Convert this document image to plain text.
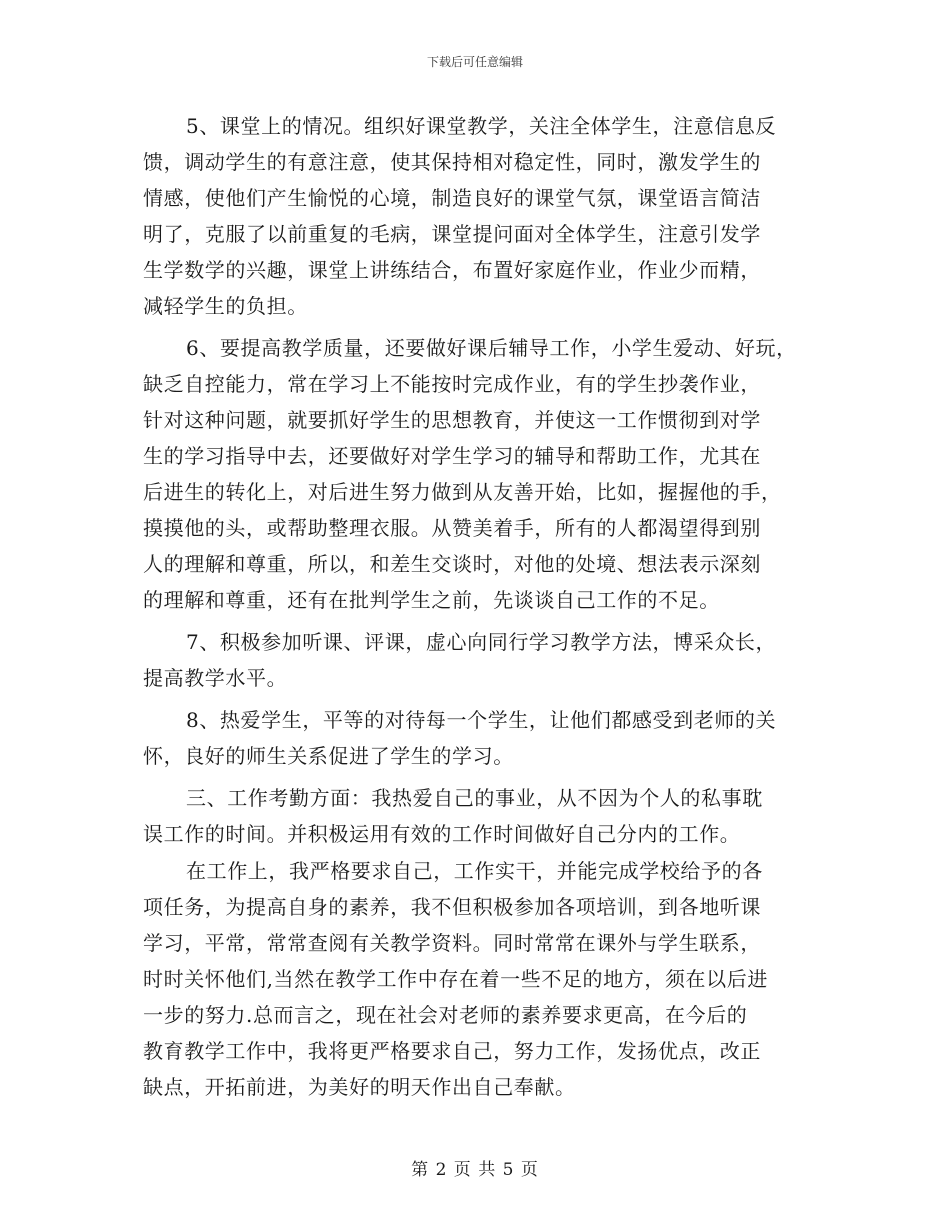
下载后可任意编辑
5、课堂上的情况。组织好课堂教学，关注全体学生，注意信息反
馈，调动学生的有意注意，使其保持相对稳定性，同时，激发学生的
情感，使他们产生愉悦的心境，制造良好的课堂气氛，课堂语言简洁
明了，克服了以前重复的毛病，课堂提问面对全体学生，注意引发学
生学数学的兴趣，课堂上讲练结合，布置好家庭作业，作业少而精，
减轻学生的负担。
6、要提高教学质量，还要做好课后辅导工作，小学生爱动、好玩，
缺乏自控能力，常在学习上不能按时完成作业，有的学生抄袭作业，
针对这种问题，就要抓好学生的思想教育，并使这一工作惯彻到对学
生的学习指导中去，还要做好对学生学习的辅导和帮助工作，尤其在
后进生的转化上，对后进生努力做到从友善开始，比如，握握他的手，
摸摸他的头，或帮助整理衣服。从赞美着手，所有的人都渴望得到别
人的理解和尊重，所以，和差生交谈时，对他的处境、想法表示深刻
的理解和尊重，还有在批判学生之前，先谈谈自己工作的不足。
7、积极参加听课、评课，虚心向同行学习教学方法，博采众长，
提高教学水平。
8、热爱学生，平等的对待每一个学生，让他们都感受到老师的关
怀，良好的师生关系促进了学生的学习。
三、工作考勤方面：我热爱自己的事业，从不因为个人的私事耽
误工作的时间。并积极运用有效的工作时间做好自己分内的工作。
在工作上，我严格要求自己，工作实干，并能完成学校给予的各
项任务，为提高自身的素养，我不但积极参加各项培训，到各地听课
学习，平常，常常查阅有关教学资料。同时常常在课外与学生联系，
时时关怀他们,当然在教学工作中存在着一些不足的地方，须在以后进
一步的努力.总而言之，现在社会对老师的素养要求更高，在今后的
教育教学工作中，我将更严格要求自己，努力工作，发扬优点，改正
缺点，开拓前进，为美好的明天作出自己奉献。
第 2 页 共 5 页
